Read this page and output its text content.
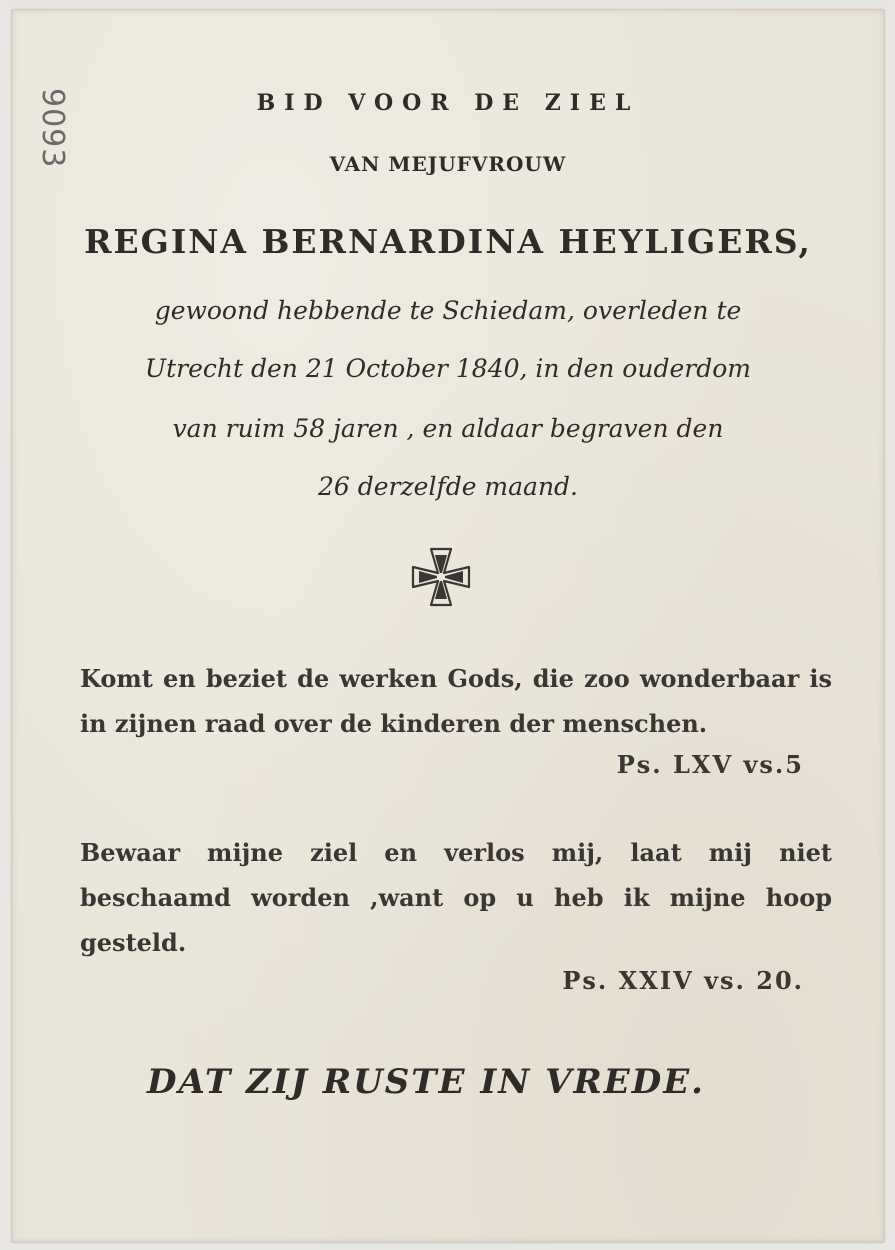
9093	BID VOOR DE ZIEL
VAN MEJUFVROUW
REGINA BERNARDINA HEYLIGERS,
gewoond hebbende te Schiedam, overleden te
Utrecht den 21 October 1840, in den ouderdom
van ruim 58 jaren , en aldaar begraven den
26 derzelfde maand.
Komt en beziet de werken Gods, die zoo wonderbaar is in zijnen raad over de kinderen der menschen.
Ps. LXV vs.5
Bewaar mijne ziel en verlos mij, laat mij niet beschaamd worden ,want op u heb ik mijne hoop gesteld.
Ps. XXIV vs. 20.
DAT ZIJ RUSTE IN VREDE.
